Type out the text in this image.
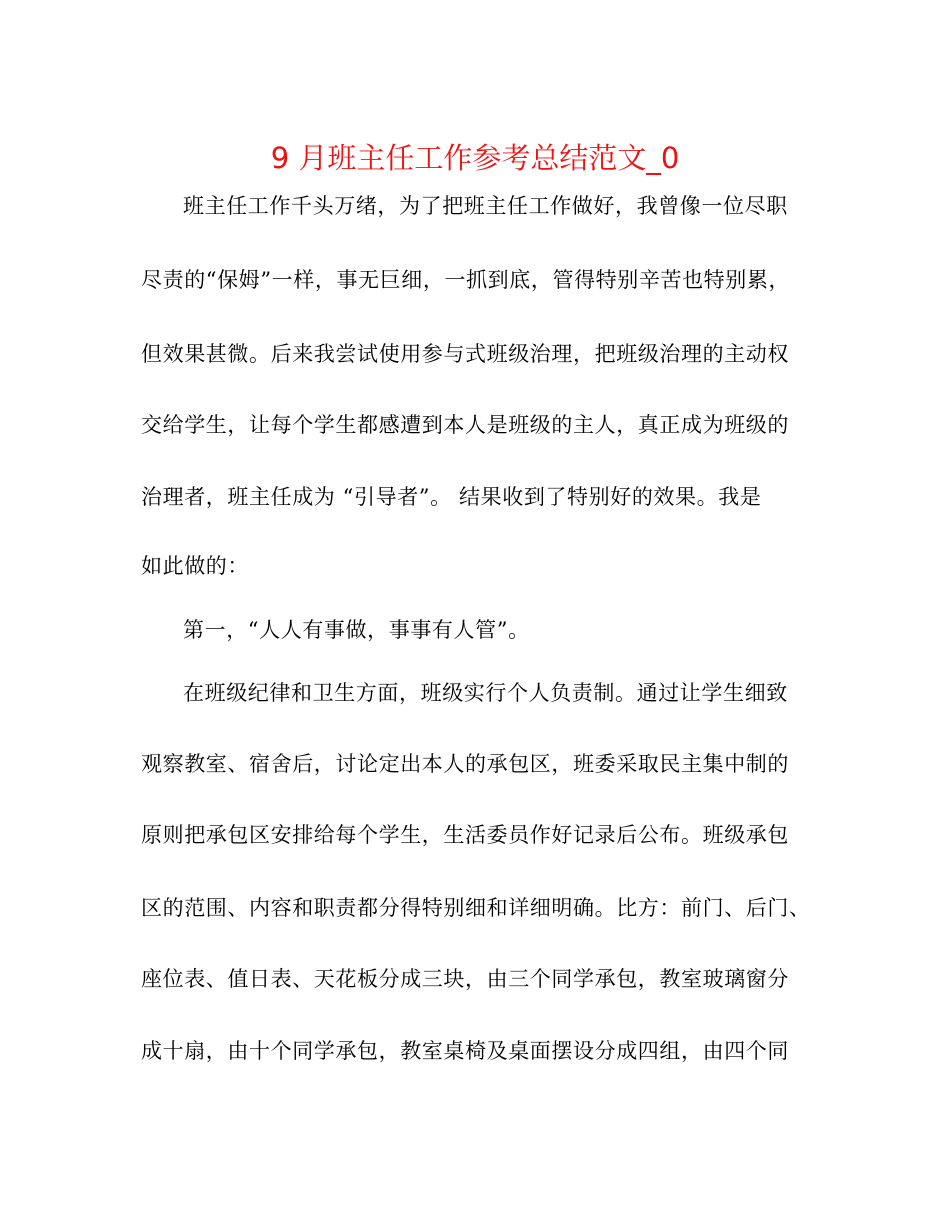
9 月班主任工作参考总结范文_0
班主任工作千头万绪，为了把班主任工作做好，我曾像一位尽职
尽责的“保姆”一样，事无巨细，一抓到底，管得特别辛苦也特别累，
但效果甚微。后来我尝试使用参与式班级治理，把班级治理的主动权
交给学生，让每个学生都感遭到本人是班级的主人，真正成为班级的
治理者，班主任成为 “引导者”。 结果收到了特别好的效果。我是
如此做的：
第一，“人人有事做，事事有人管”。
在班级纪律和卫生方面，班级实行个人负责制。通过让学生细致
观察教室、宿舍后，讨论定出本人的承包区，班委采取民主集中制的
原则把承包区安排给每个学生，生活委员作好记录后公布。班级承包
区的范围、内容和职责都分得特别细和详细明确。比方：前门、后门、
座位表、值日表、天花板分成三块，由三个同学承包，教室玻璃窗分
成十扇，由十个同学承包，教室桌椅及桌面摆设分成四组，由四个同
